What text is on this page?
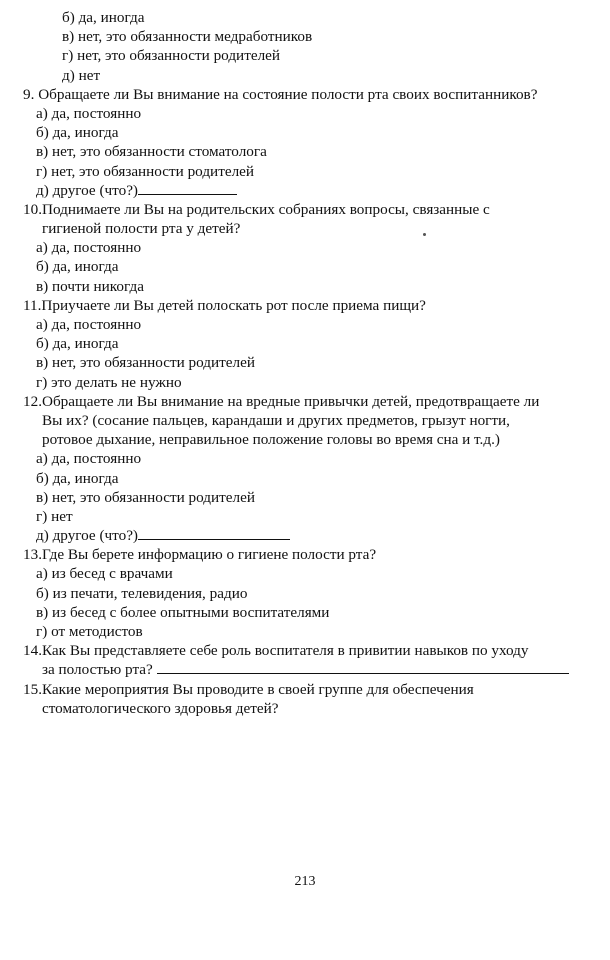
б) да, иногда
в) нет, это обязанности медработников
г) нет, это обязанности родителей
д) нет
9. Обращаете ли Вы внимание на состояние полости рта своих воспитанников?
а) да, постоянно
б) да, иногда
в) нет, это обязанности стоматолога
г) нет, это обязанности родителей
д) другое (что?)
10.Поднимаете ли Вы на родительских собраниях вопросы, связанные с
гигиеной полости рта у детей?
а) да, постоянно
б) да, иногда
в) почти никогда
11.Приучаете ли Вы детей полоскать рот после приема пищи?
а) да, постоянно
б) да, иногда
в) нет, это обязанности родителей
г) это делать не нужно
12.Обращаете ли Вы внимание на вредные привычки детей, предотвращаете ли
Вы их? (сосание пальцев, карандаши и других предметов, грызут ногти,
ротовое дыхание, неправильное положение головы во время сна и т.д.)
а) да, постоянно
б) да, иногда
в) нет, это обязанности родителей
г) нет
д) другое (что?)
13.Где Вы берете информацию о гигиене полости рта?
а) из бесед с врачами
б) из печати, телевидения, радио
в) из бесед с более опытными воспитателями
г) от методистов
14.Как Вы представляете себе роль воспитателя в привитии навыков по уходу
за полостью рта?
15.Какие мероприятия Вы проводите в своей группе для обеспечения
стоматологического здоровья детей?
213
